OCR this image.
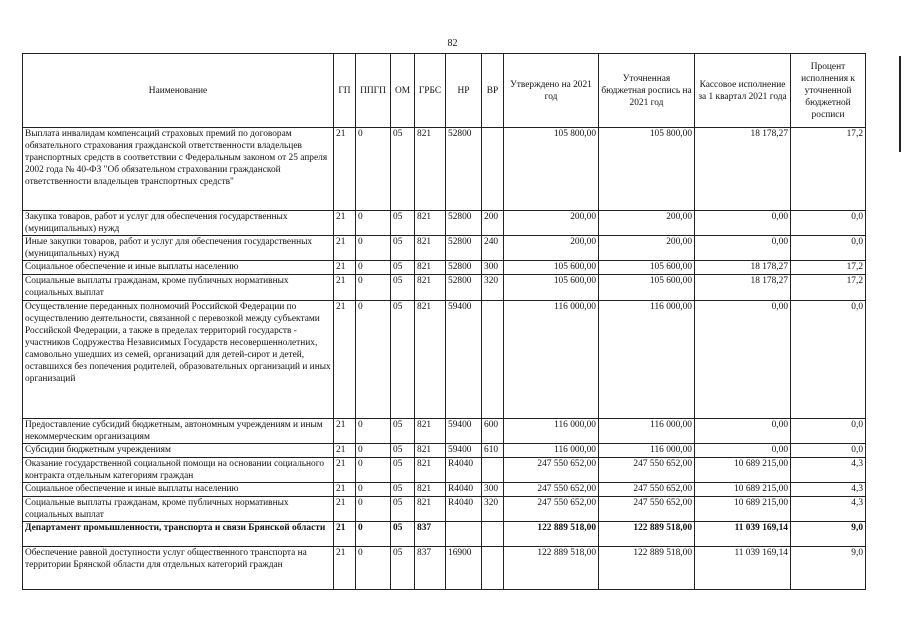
82
Наименование	ГП	ППГП	ОМ	ГРБС	НР	ВР	Утверждено на 2021 год	Уточненная бюджетная роспись на 2021 год	Кассовое исполнение за 1 квартал 2021 года	Процент исполнения к уточненной бюджетной росписи
Выплата инвалидам компенсаций страховых премий по договорам обязательного страхования гражданской ответственности владельцев транспортных средств в соответствии с Федеральным законом от 25 апреля 2002 года № 40-ФЗ "Об обязательном страховании гражданской ответственности владельцев транспортных средств"	21	0	05	821	52800		105 800,00	105 800,00	18 178,27	17,2
Закупка товаров, работ и услуг для обеспечения государственных (муниципальных) нужд	21	0	05	821	52800	200	200,00	200,00	0,00	0,0
Иные закупки товаров, работ и услуг для обеспечения государственных (муниципальных) нужд	21	0	05	821	52800	240	200,00	200,00	0,00	0,0
Социальное обеспечение и иные выплаты населению	21	0	05	821	52800	300	105 600,00	105 600,00	18 178,27	17,2
Социальные выплаты гражданам, кроме публичных нормативных социальных выплат	21	0	05	821	52800	320	105 600,00	105 600,00	18 178,27	17,2
Осуществление переданных полномочий Российской Федерации по осуществлению деятельности, связанной с перевозкой между субъектами Российской Федерации, а также в пределах территорий государств - участников Содружества Независимых Государств несовершеннолетних, самовольно ушедших из семей, организаций для детей-сирот и детей, оставшихся без попечения родителей, образовательных организаций и иных организаций	21	0	05	821	59400		116 000,00	116 000,00	0,00	0,0
Предоставление субсидий бюджетным, автономным учреждениям и иным некоммерческим организациям	21	0	05	821	59400	600	116 000,00	116 000,00	0,00	0,0
Субсидии бюджетным учреждениям	21	0	05	821	59400	610	116 000,00	116 000,00	0,00	0,0
Оказание государственной социальной помощи на основании социального контракта отдельным категориям граждан	21	0	05	821	R4040		247 550 652,00	247 550 652,00	10 689 215,00	4,3
Социальное обеспечение и иные выплаты населению	21	0	05	821	R4040	300	247 550 652,00	247 550 652,00	10 689 215,00	4,3
Социальные выплаты гражданам, кроме публичных нормативных социальных выплат	21	0	05	821	R4040	320	247 550 652,00	247 550 652,00	10 689 215,00	4,3
Департамент промышленности, транспорта и связи Брянской области	21	0	05	837			122 889 518,00	122 889 518,00	11 039 169,14	9,0
Обеспечение равной доступности услуг общественного транспорта на территории Брянской области для отдельных категорий граждан	21	0	05	837	16900		122 889 518,00	122 889 518,00	11 039 169,14	9,0
